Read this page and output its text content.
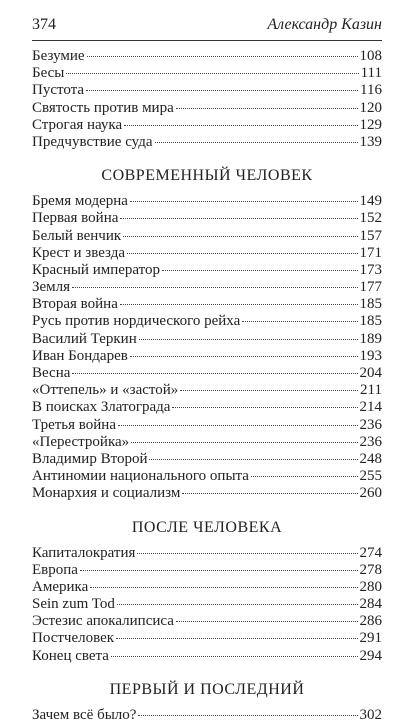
374	Александр Казин
Безумие	108
Бесы	111
Пустота	116
Святость против мира	120
Строгая наука	129
Предчувствие суда	139
СОВРЕМЕННЫЙ ЧЕЛОВЕК
Бремя модерна	149
Первая война	152
Белый венчик	157
Крест и звезда	171
Красный император	173
Земля	177
Вторая война	185
Русь против нордического рейха	185
Василий Теркин	189
Иван Бондарев	193
Весна	204
«Оттепель» и «застой»	211
В поисках Златограда	214
Третья война	236
«Перестройка»	236
Владимир Второй	248
Антиномии национального опыта	255
Монархия и социализм	260
ПОСЛЕ ЧЕЛОВЕКА
Капиталократия	274
Европа	278
Америка	280
Sein zum Tod	284
Эстезис апокалипсиса	286
Постчеловек	291
Конец света	294
ПЕРВЫЙ И ПОСЛЕДНИЙ
Зачем всё было?	302
